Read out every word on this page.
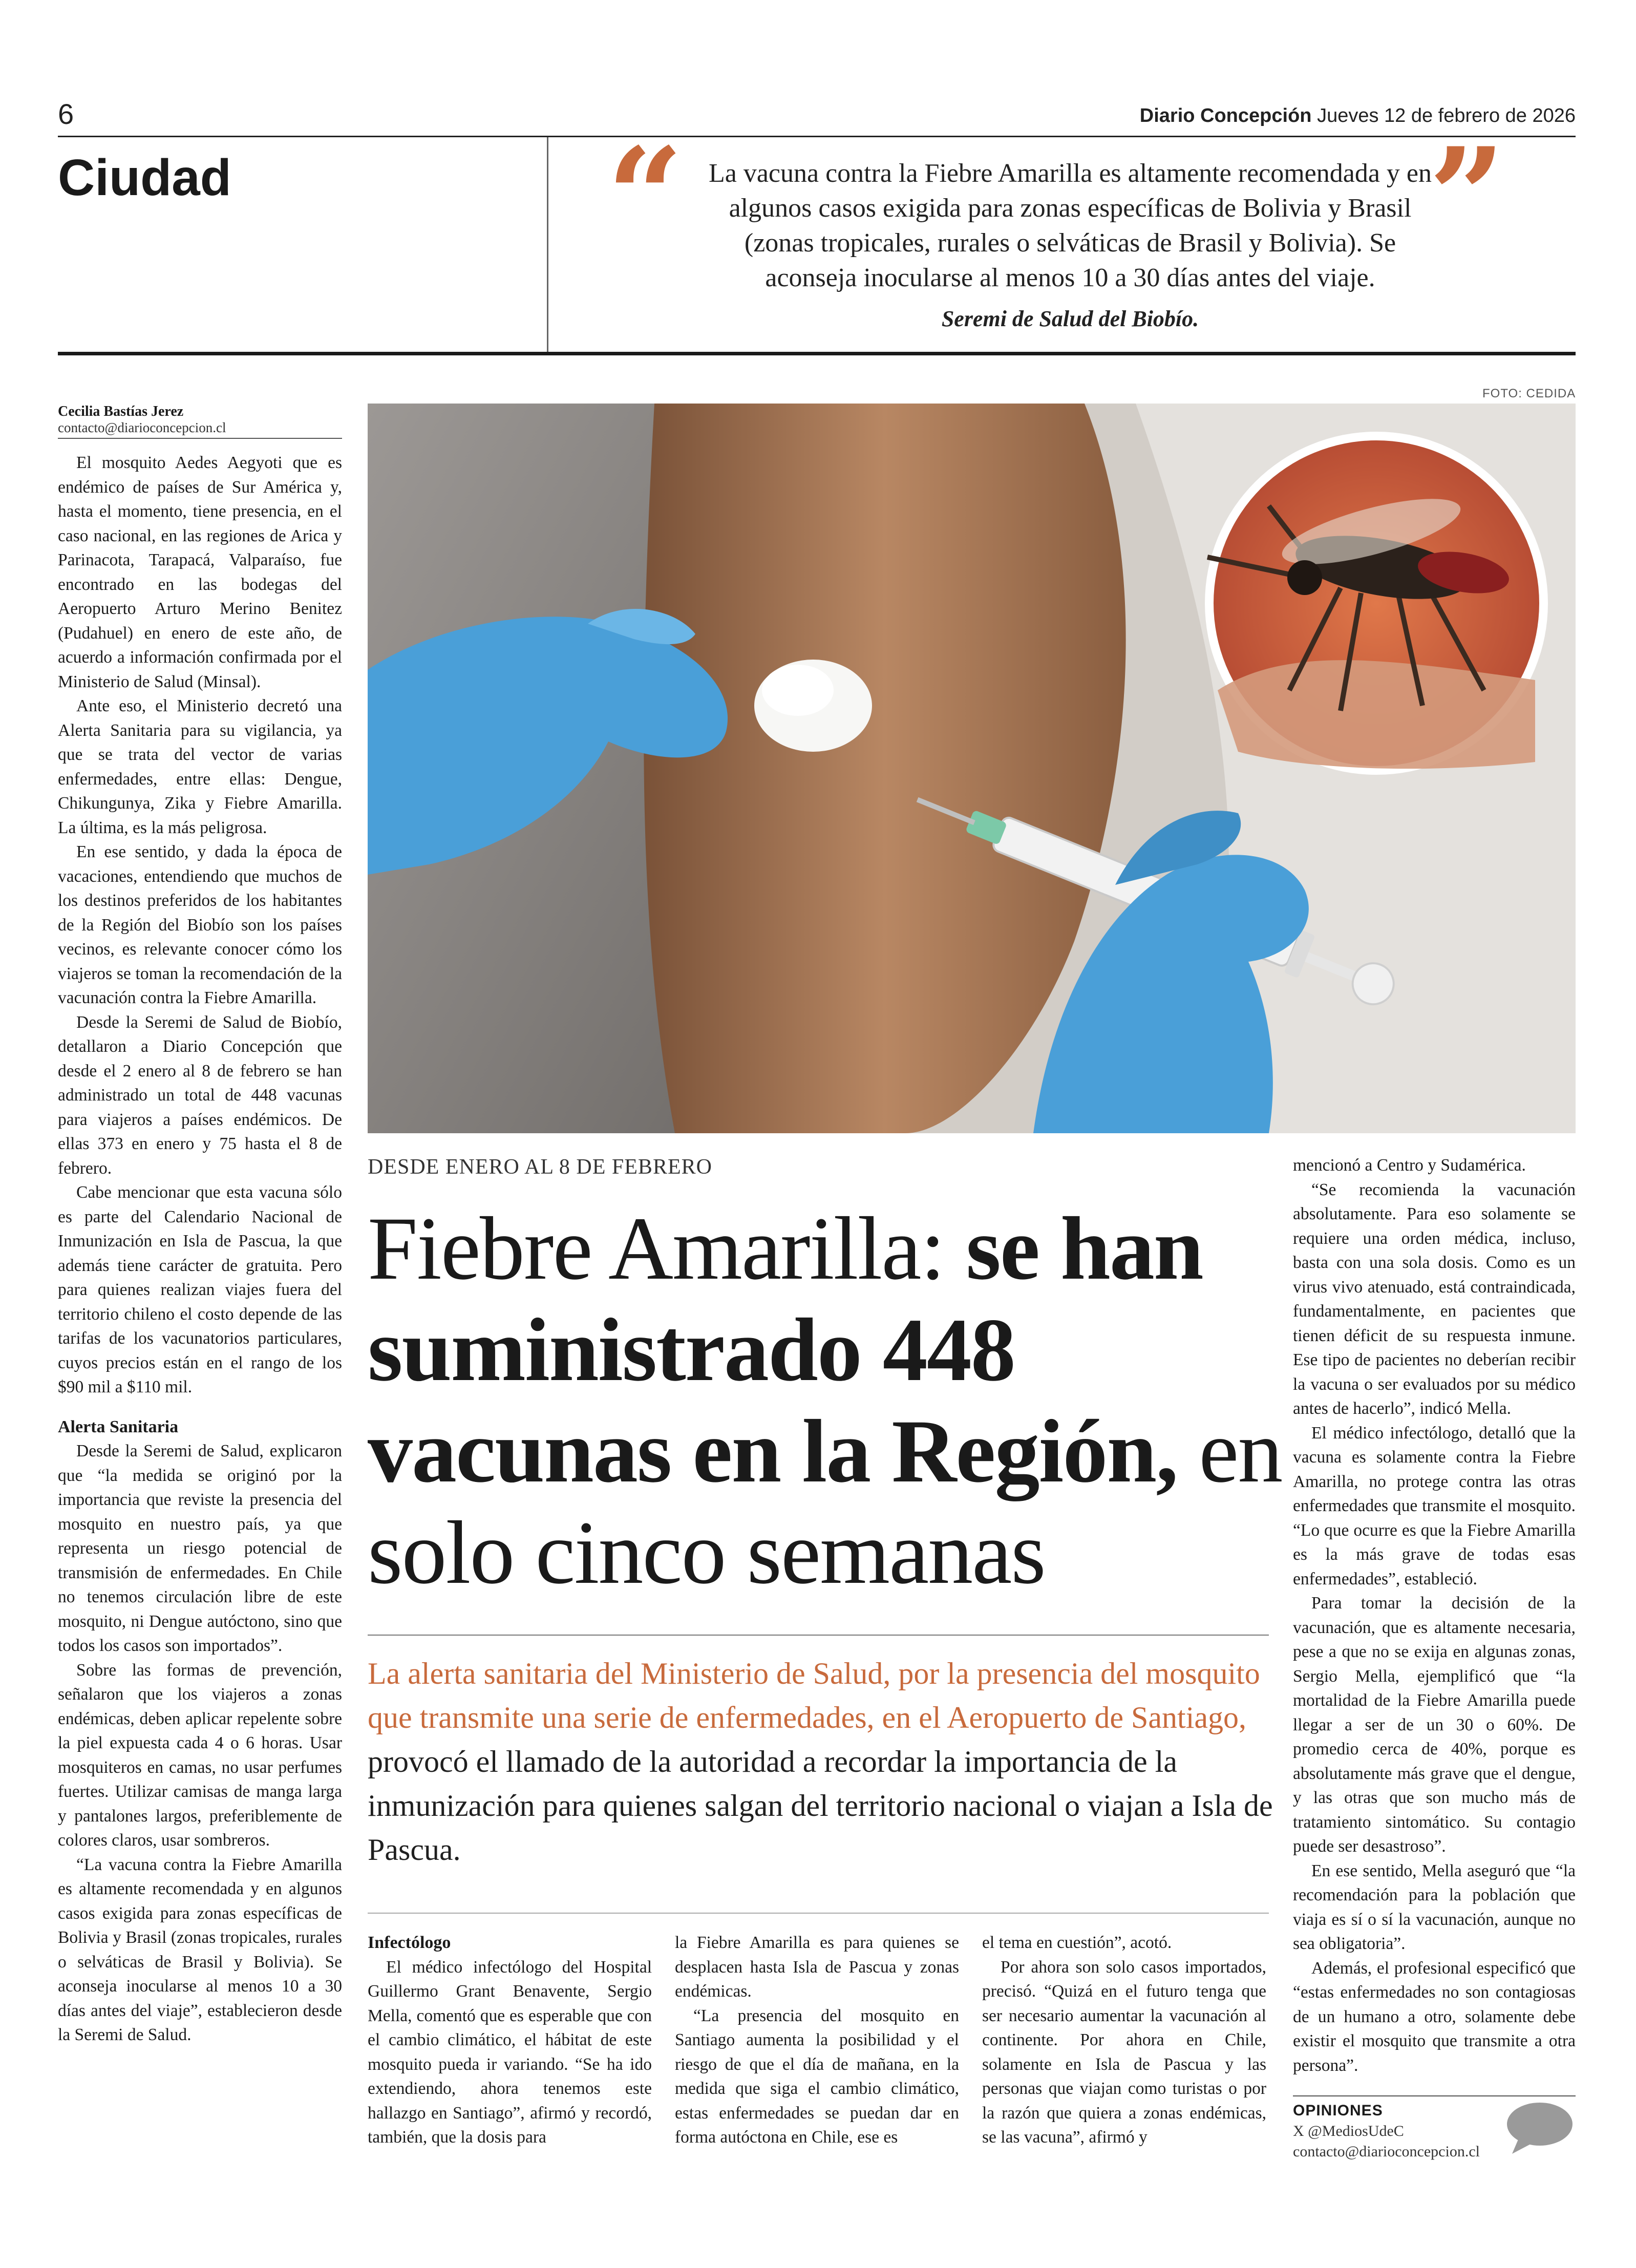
6	Diario Concepción Jueves 12 de febrero de 2026
Ciudad	“	”
La vacuna contra la Fiebre Amarilla es altamente recomendada y en algunos casos exigida para zonas específicas de Bolivia y Brasil (zonas tropicales, rurales o selváticas de Brasil y Bolivia). Se aconseja inocularse al menos 10 a 30 días antes del viaje.
Seremi de Salud del Biobío.
Cecilia Bastías Jerez
contacto@diarioconcepcion.cl

El mosquito Aedes Aegyoti que es endémico de países de Sur América y, hasta el momento, tiene presencia, en el caso nacional, en las regiones de Arica y Parinacota, Tarapacá, Valparaíso, fue encontrado en las bodegas del Aeropuerto Arturo Merino Benitez (Pudahuel) en enero de este año, de acuerdo a información confirmada por el Ministerio de Salud (Minsal).

Ante eso, el Ministerio decretó una Alerta Sanitaria para su vigilancia, ya que se trata del vector de varias enfermedades, entre ellas: Dengue, Chikungunya, Zika y Fiebre Amarilla. La última, es la más peligrosa.

En ese sentido, y dada la época de vacaciones, entendiendo que muchos de los destinos preferidos de los habitantes de la Región del Biobío son los países vecinos, es relevante conocer cómo los viajeros se toman la recomendación de la vacunación contra la Fiebre Amarilla.

Desde la Seremi de Salud de Biobío, detallaron a Diario Concepción que desde el 2 enero al 8 de febrero se han administrado un total de 448 vacunas para viajeros a países endémicos. De ellas 373 en enero y 75 hasta el 8 de febrero.

Cabe mencionar que esta vacuna sólo es parte del Calendario Nacional de Inmunización en Isla de Pascua, la que además tiene carácter de gratuita. Pero para quienes realizan viajes fuera del territorio chileno el costo depende de las tarifas de los vacunatorios particulares, cuyos precios están en el rango de los $90 mil a $110 mil.

Alerta Sanitaria

Desde la Seremi de Salud, explicaron que “la medida se originó por la importancia que reviste la presencia del mosquito en nuestro país, ya que representa un riesgo potencial de transmisión de enfermedades. En Chile no tenemos circulación libre de este mosquito, ni Dengue autóctono, sino que todos los casos son importados”.

Sobre las formas de prevención, señalaron que los viajeros a zonas endémicas, deben aplicar repelente sobre la piel expuesta cada 4 o 6 horas. Usar mosquiteros en camas, no usar perfumes fuertes. Utilizar camisas de manga larga y pantalones largos, preferiblemente de colores claros, usar sombreros.

“La vacuna contra la Fiebre Amarilla es altamente recomendada y en algunos casos exigida para zonas específicas de Bolivia y Brasil (zonas tropicales, rurales o selváticas de Brasil y Bolivia). Se aconseja inocularse al menos 10 a 30 días antes del viaje”, establecieron desde la Seremi de Salud.

FOTO: CEDIDA
DESDE ENERO AL 8 DE FEBRERO
Fiebre Amarilla: se han suministrado 448 vacunas en la Región, en solo cinco semanas
La alerta sanitaria del Ministerio de Salud, por la presencia del mosquito que transmite una serie de enfermedades, en el Aeropuerto de Santiago, provocó el llamado de la autoridad a recordar la importancia de la inmunización para quienes salgan del territorio nacional o viajan a Isla de Pascua.
Infectólogo

El médico infectólogo del Hospital Guillermo Grant Benavente, Sergio Mella, comentó que es esperable que con el cambio climático, el hábitat de este mosquito pueda ir variando. “Se ha ido extendiendo, ahora tenemos este hallazgo en Santiago”, afirmó y recordó, también, que la dosis para

la Fiebre Amarilla es para quienes se desplacen hasta Isla de Pascua y zonas endémicas.

“La presencia del mosquito en Santiago aumenta la posibilidad y el riesgo de que el día de mañana, en la medida que siga el cambio climático, estas enfermedades se puedan dar en forma autóctona en Chile, ese es

el tema en cuestión”, acotó.

Por ahora son solo casos importados, precisó. “Quizá en el futuro tenga que ser necesario aumentar la vacunación al continente. Por ahora en Chile, solamente en Isla de Pascua y las personas que viajan como turistas o por la razón que quiera a zonas endémicas, se las vacuna”, afirmó y

mencionó a Centro y Sudamérica.

“Se recomienda la vacunación absolutamente. Para eso solamente se requiere una orden médica, incluso, basta con una sola dosis. Como es un virus vivo atenuado, está contraindicada, fundamentalmente, en pacientes que tienen déficit de su respuesta inmune. Ese tipo de pacientes no deberían recibir la vacuna o ser evaluados por su médico antes de hacerlo”, indicó Mella.

El médico infectólogo, detalló que la vacuna es solamente contra la Fiebre Amarilla, no protege contra las otras enfermedades que transmite el mosquito. “Lo que ocurre es que la Fiebre Amarilla es la más grave de todas esas enfermedades”, estableció.

Para tomar la decisión de la vacunación, que es altamente necesaria, pese a que no se exija en algunas zonas, Sergio Mella, ejemplificó que “la mortalidad de la Fiebre Amarilla puede llegar a ser de un 30 o 60%. De promedio cerca de 40%, porque es absolutamente más grave que el dengue, y las otras que son mucho más de tratamiento sintomático. Su contagio puede ser desastroso”.

En ese sentido, Mella aseguró que “la recomendación para la población que viaja es sí o sí la vacunación, aunque no sea obligatoria”.

Además, el profesional especificó que “estas enfermedades no son contagiosas de un humano a otro, solamente debe existir el mosquito que transmite a otra persona”.

OPINIONES
X @MediosUdeC
contacto@diarioconcepcion.cl
